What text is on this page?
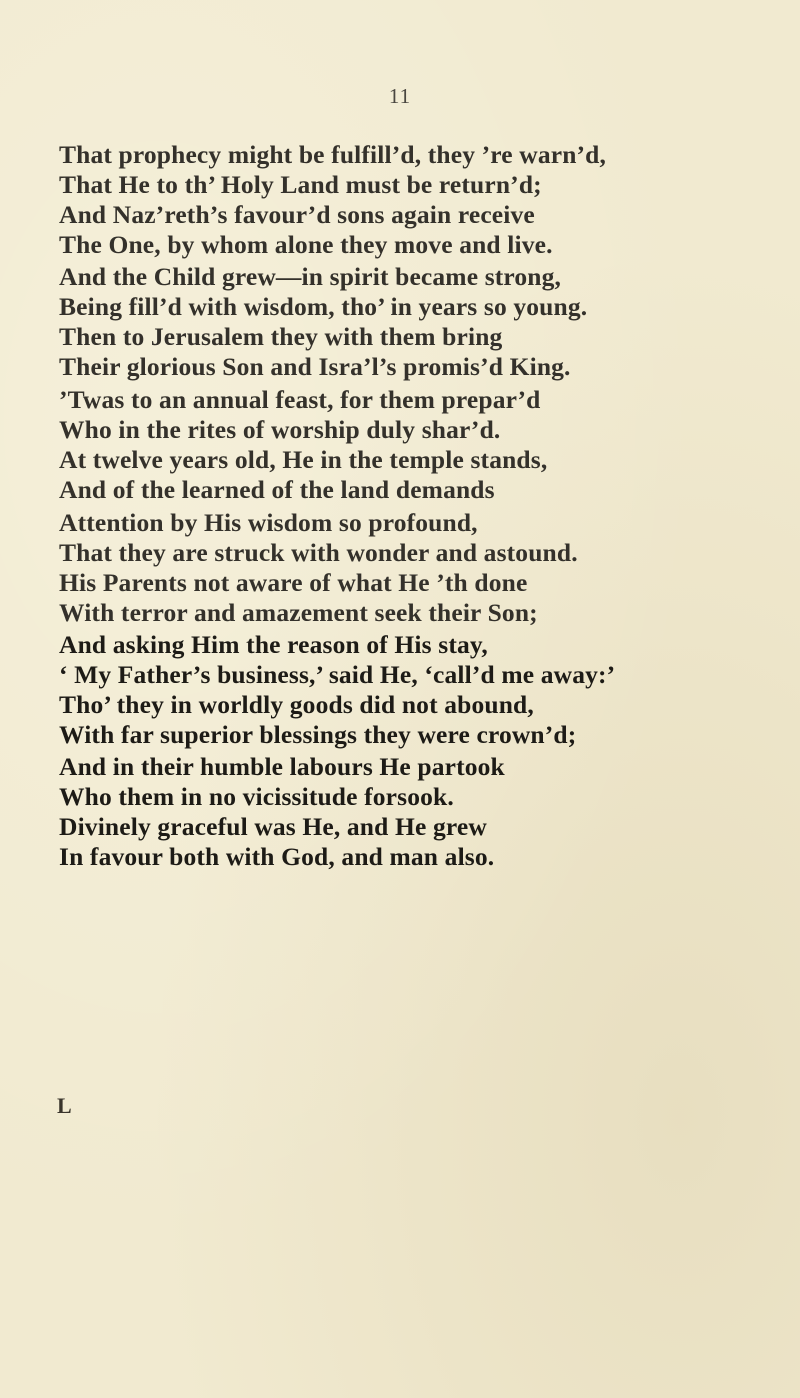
11
That prophecy might be fulfill’d, they ’re warn’d,
That He to th’ Holy Land must be return’d;
And Naz’reth’s favour’d sons again receive
The One, by whom alone they move and live.
And the Child grew—in spirit became strong,
Being fill’d with wisdom, tho’ in years so young.
Then to Jerusalem they with them bring
Their glorious Son and Isra’l’s promis’d King.
’Twas to an annual feast, for them prepar’d
Who in the rites of worship duly shar’d.
At twelve years old, He in the temple stands,
And of the learned of the land demands
Attention by His wisdom so profound,
That they are struck with wonder and astound.
His Parents not aware of what He ’th done
With terror and amazement seek their Son;
And asking Him the reason of His stay,
‘ My Father’s business,’ said He, ‘call’d me away:’
Tho’ they in worldly goods did not abound,
With far superior blessings they were crown’d;
And in their humble labours He partook
Who them in no vicissitude forsook.
Divinely graceful was He, and He grew
In favour both with God, and man also.
L
